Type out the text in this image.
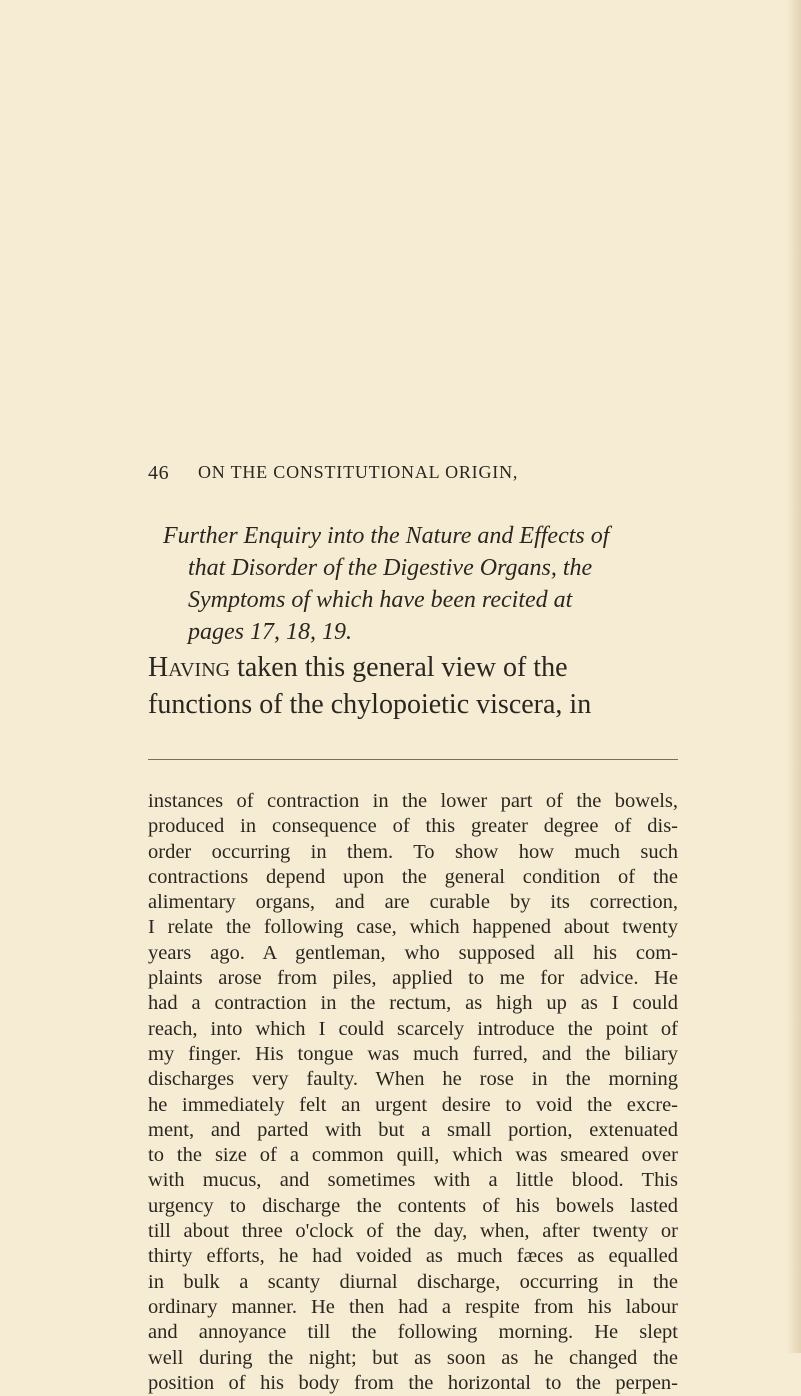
46 ON THE CONSTITUTIONAL ORIGIN,
Further Enquiry into the Nature and Effects of
that Disorder of the Digestive Organs, the
Symptoms of which have been recited at
pages 17, 18, 19.
Having taken this general view of the
functions of the chylopoietic viscera, in
instances of contraction in the lower part of the bowels,
produced in consequence of this greater degree of dis-
order occurring in them. To show how much such
contractions depend upon the general condition of the
alimentary organs, and are curable by its correction,
I relate the following case, which happened about twenty
years ago. A gentleman, who supposed all his com-
plaints arose from piles, applied to me for advice. He
had a contraction in the rectum, as high up as I could
reach, into which I could scarcely introduce the point of
my finger. His tongue was much furred, and the biliary
discharges very faulty. When he rose in the morning
he immediately felt an urgent desire to void the excre-
ment, and parted with but a small portion, extenuated
to the size of a common quill, which was smeared over
with mucus, and sometimes with a little blood. This
urgency to discharge the contents of his bowels lasted
till about three o'clock of the day, when, after twenty or
thirty efforts, he had voided as much fæces as equalled
in bulk a scanty diurnal discharge, occurring in the
ordinary manner. He then had a respite from his labour
and annoyance till the following morning. He slept
well during the night; but as soon as he changed the
position of his body from the horizontal to the perpen-
